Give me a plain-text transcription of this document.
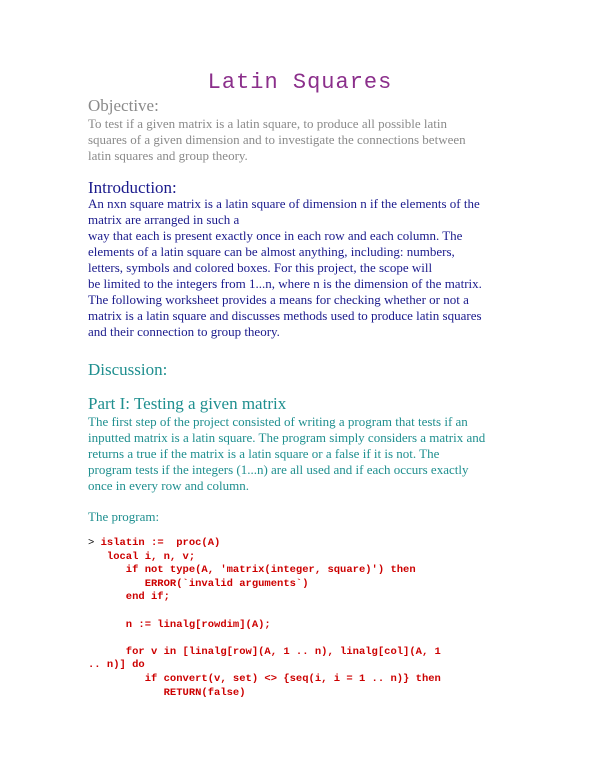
Latin Squares
Objective:
To test if a given matrix is a latin square, to produce all possible latin
squares of a given dimension and to investigate the connections between
latin squares and group theory.
Introduction:
An nxn square matrix is a latin square of dimension n if the elements of the
matrix are arranged in such a
way that each is present exactly once in each row and each column. The
elements of a latin square can be almost anything, including: numbers,
letters, symbols and colored boxes. For this project, the scope will
be limited to the integers from 1...n, where n is the dimension of the matrix.
The following worksheet provides a means for checking whether or not a
matrix is a latin square and discusses methods used to produce latin squares
and their connection to group theory.
Discussion:
Part I: Testing a given matrix
The first step of the project consisted of writing a program that tests if an
inputted matrix is a latin square. The program simply considers a matrix and
returns a true if the matrix is a latin square or a false if it is not. The
program tests if the integers (1...n) are all used and if each occurs exactly
once in every row and column.
The program:
> islatin :=  proc(A)
local i, n, v;
if not type(A, 'matrix(integer, square)') then
ERROR(`invalid arguments`)
end if;

n := linalg[rowdim](A);

for v in [linalg[row](A, 1 .. n), linalg[col](A, 1
.. n)] do
if convert(v, set) <> {seq(i, i = 1 .. n)} then
RETURN(false)
